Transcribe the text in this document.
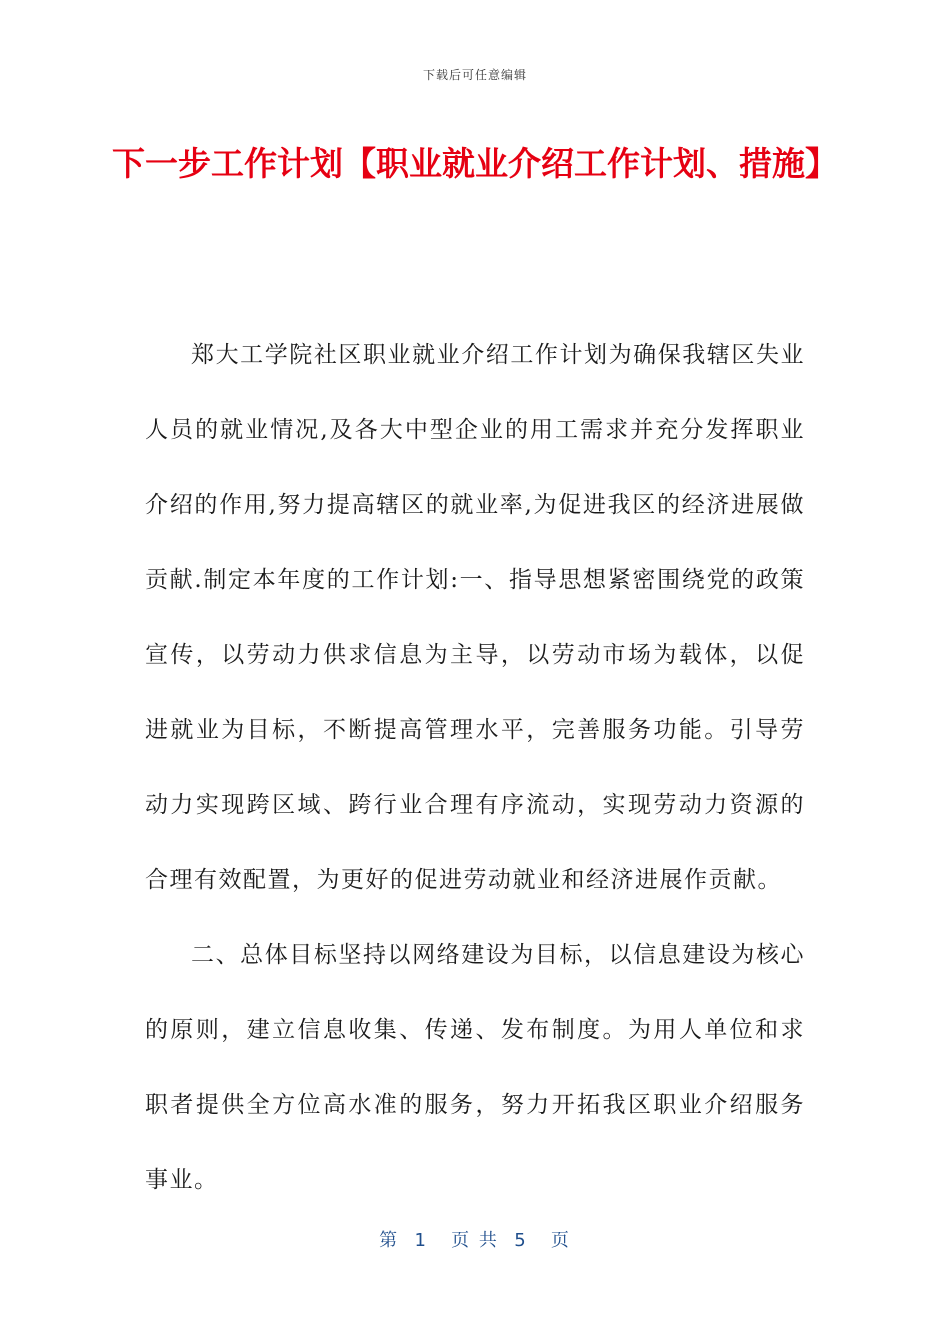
下载后可任意编辑
下一步工作计划【职业就业介绍工作计划、措施】

郑大工学院社区职业就业介绍工作计划为确保我辖区失业人员的就业情况,及各大中型企业的用工需求并充分发挥职业介绍的作用,努力提高辖区的就业率,为促进我区的经济进展做贡献.制定本年度的工作计划:一、指导思想紧密围绕党的政策宣传，以劳动力供求信息为主导，以劳动市场为载体，以促进就业为目标，不断提高管理水平，完善服务功能。引导劳动力实现跨区域、跨行业合理有序流动，实现劳动力资源的合理有效配置，为更好的促进劳动就业和经济进展作贡献。

二、总体目标坚持以网络建设为目标，以信息建设为核心的原则，建立信息收集、传递、发布制度。为用人单位和求职者提供全方位高水准的服务，努力开拓我区职业介绍服务事业。

第  1   页 共  5   页
